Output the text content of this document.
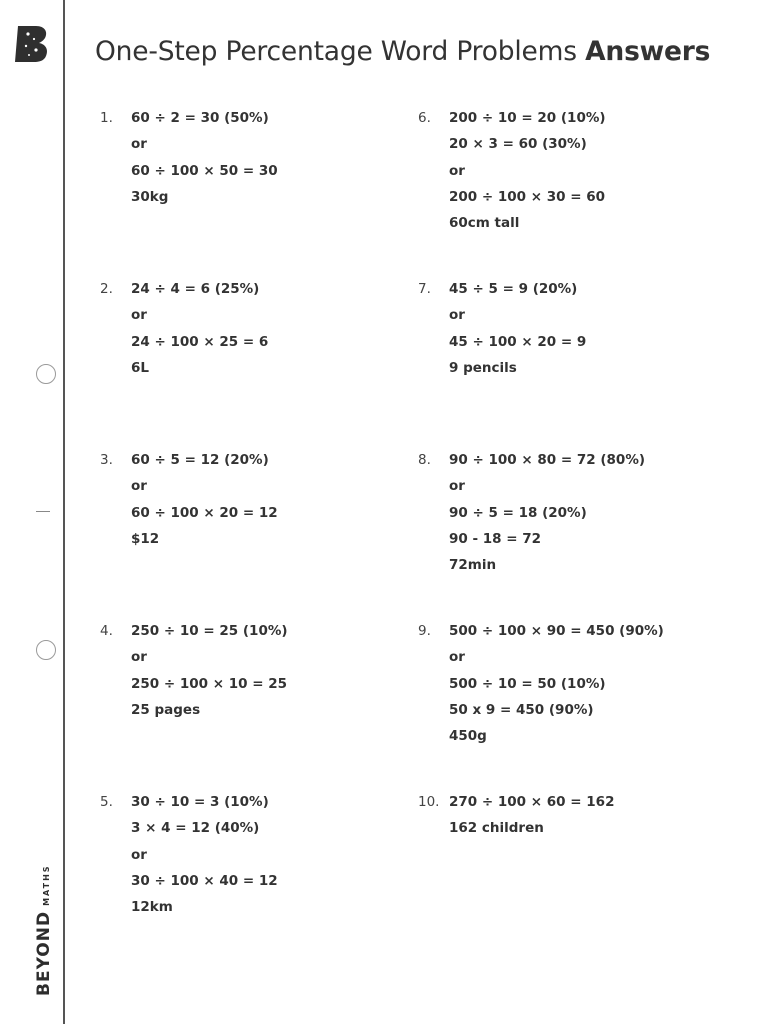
B
BEYONDMATHS
One-Step Percentage Word Problems Answers
1. 60 ÷ 2 = 30 (50%)
or
60 ÷ 100 × 50 = 30
30kg
2. 24 ÷ 4 = 6 (25%)
or
24 ÷ 100 × 25 = 6
6L
3. 60 ÷ 5 = 12 (20%)
or
60 ÷ 100 × 20 = 12
$12
4. 250 ÷ 10 = 25 (10%)
or
250 ÷ 100 × 10 = 25
25 pages
5. 30 ÷ 10 = 3 (10%)
3 × 4 = 12 (40%)
or
30 ÷ 100 × 40 = 12
12km
6. 200 ÷ 10 = 20 (10%)
20 × 3 = 60 (30%)
or
200 ÷ 100 × 30 = 60
60cm tall
7. 45 ÷ 5 = 9 (20%)
or
45 ÷ 100 × 20 = 9
9 pencils
8. 90 ÷ 100 × 80 = 72 (80%)
or
90 ÷ 5 = 18 (20%)
90 - 18 = 72
72min
9. 500 ÷ 100 × 90 = 450 (90%)
or
500 ÷ 10 = 50 (10%)
50 x 9 = 450 (90%)
450g
10. 270 ÷ 100 × 60 = 162
162 children
